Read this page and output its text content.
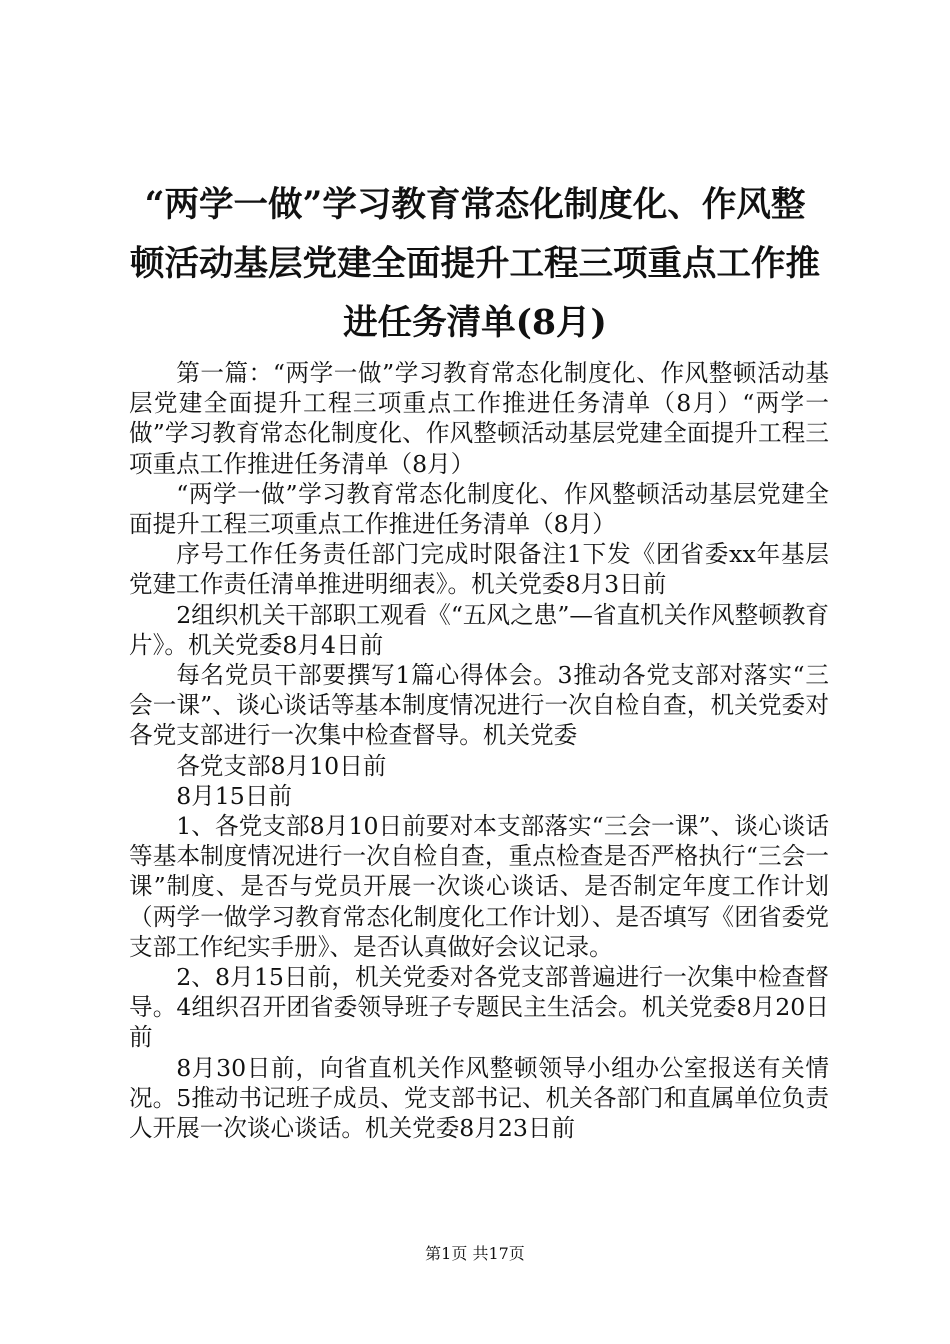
“两学一做”学习教育常态化制度化、作风整
顿活动基层党建全面提升工程三项重点工作推
进任务清单(8月)

第一篇：“两学一做”学习教育常态化制度化、作风整顿活动基层党建全面提升工程三项重点工作推进任务清单（8月）“两学一做”学习教育常态化制度化、作风整顿活动基层党建全面提升工程三项重点工作推进任务清单（8月）

“两学一做”学习教育常态化制度化、作风整顿活动基层党建全面提升工程三项重点工作推进任务清单（8月）

序号工作任务责任部门完成时限备注1下发《团省委xx年基层党建工作责任清单推进明细表》。机关党委8月3日前

2组织机关干部职工观看《“五风之患”—省直机关作风整顿教育片》。机关党委8月4日前

每名党员干部要撰写1篇心得体会。3推动各党支部对落实“三会一课”、谈心谈话等基本制度情况进行一次自检自查，机关党委对各党支部进行一次集中检查督导。机关党委

各党支部8月10日前

8月15日前

1、各党支部8月10日前要对本支部落实“三会一课”、谈心谈话等基本制度情况进行一次自检自查，重点检查是否严格执行“三会一课”制度、是否与党员开展一次谈心谈话、是否制定年度工作计划（两学一做学习教育常态化制度化工作计划）、是否填写《团省委党支部工作纪实手册》、是否认真做好会议记录。

2、8月15日前，机关党委对各党支部普遍进行一次集中检查督导。4组织召开团省委领导班子专题民主生活会。机关党委8月20日前

8月30日前，向省直机关作风整顿领导小组办公室报送有关情况。5推动书记班子成员、党支部书记、机关各部门和直属单位负责人开展一次谈心谈话。机关党委8月23日前

第1页 共17页
